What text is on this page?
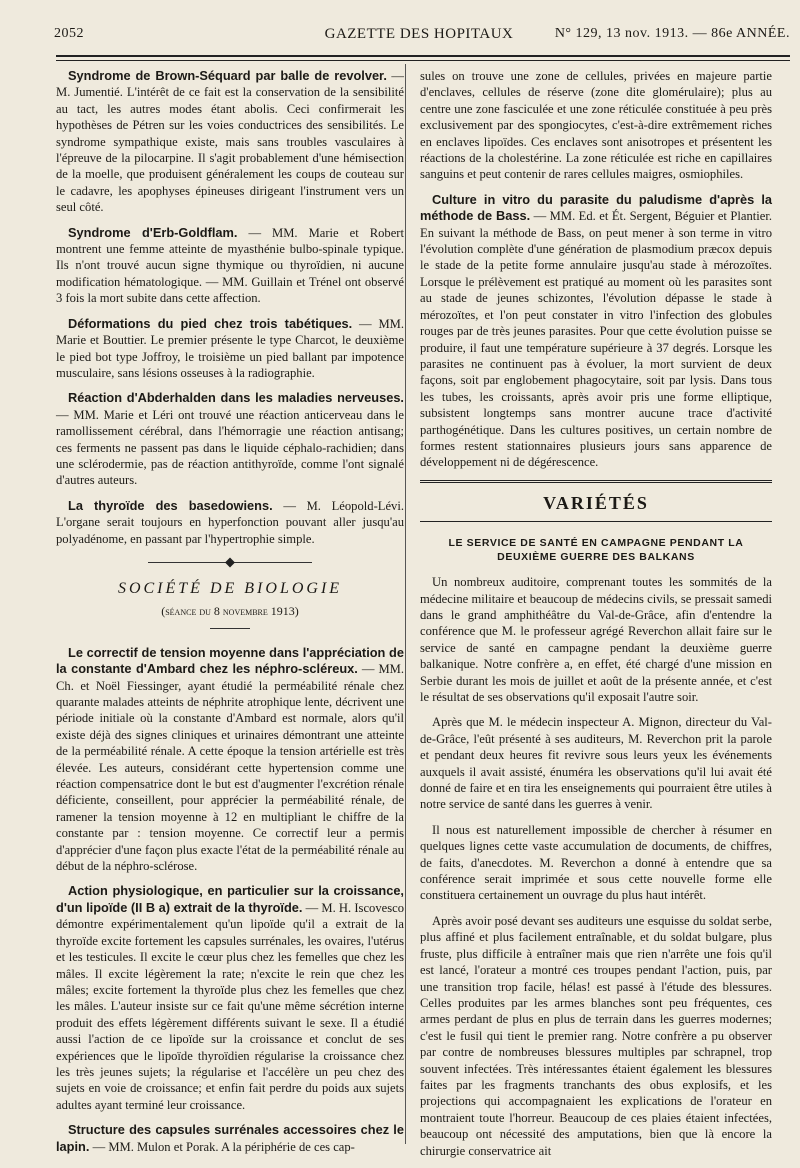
2052	GAZETTE DES HOPITAUX	N° 129, 13 nov. 1913. — 86e ANNÉE.

Syndrome de Brown-Séquard par balle de revolver. — M. Jumentié. L'intérêt de ce fait est la conservation de la sensibilité au tact, les autres modes étant abolis. Ceci confirmerait les hypothèses de Pétren sur les voies conductrices des sensibilités. Le syndrome sympathique existe, mais sans troubles vasculaires à l'épreuve de la pilocarpine. Il s'agit probablement d'une hémisection de la moelle, que produisent généralement les coups de couteau sur le cadavre, les apophyses épineuses dirigeant l'instrument vers un seul côté.

Syndrome d'Erb-Goldflam. — MM. Marie et Robert montrent une femme atteinte de myasthénie bulbo-spinale typique. Ils n'ont trouvé aucun signe thymique ou thyroïdien, ni aucune modification hématologique. — MM. Guillain et Trénel ont observé 3 fois la mort subite dans cette affection.

Déformations du pied chez trois tabétiques. — MM. Marie et Bouttier. Le premier présente le type Charcot, le deuxième le pied bot type Joffroy, le troisième un pied ballant par impotence musculaire, sans lésions osseuses à la radiographie.

Réaction d'Abderhalden dans les maladies nerveuses. — MM. Marie et Léri ont trouvé une réaction anticerveau dans le ramollissement cérébral, dans l'hémorragie une réaction antisang; ces ferments ne passent pas dans le liquide céphalo-rachidien; dans une sclérodermie, pas de réaction antithyroïde, comme l'ont signalé d'autres auteurs.

La thyroïde des basedowiens. — M. Léopold-Lévi. L'organe serait toujours en hyperfonction pouvant aller jusqu'au polyadénome, en passant par l'hypertrophie simple.

SOCIÉTÉ DE BIOLOGIE

(séance du 8 novembre 1913)

Le correctif de tension moyenne dans l'appréciation de la constante d'Ambard chez les néphro-scléreux. — MM. Ch. et Noël Fiessinger, ayant étudié la perméabilité rénale chez quarante malades atteints de néphrite atrophique lente, décrivent une période initiale où la constante d'Ambard est normale, alors qu'il existe déjà des signes cliniques et urinaires démontrant une atteinte de la perméabilité rénale. A cette époque la tension artérielle est très élevée. Les auteurs, considérant cette hypertension comme une réaction compensatrice dont le but est d'augmenter l'excrétion rénale déficiente, conseillent, pour apprécier la perméabilité rénale, de ramener la tension moyenne à 12 en multipliant le chiffre de la constante par : tension moyenne. Ce correctif leur a permis d'apprécier d'une façon plus exacte l'état de la perméabilité rénale au début de la néphro-sclérose.

Action physiologique, en particulier sur la croissance, d'un lipoïde (II B a) extrait de la thyroïde. — M. H. Iscovesco démontre expérimentalement qu'un lipoïde qu'il a extrait de la thyroïde excite fortement les capsules surrénales, les ovaires, l'utérus et les testicules. Il excite le cœur plus chez les femelles que chez les mâles. Il excite légèrement la rate; n'excite le rein que chez les mâles; excite fortement la thyroïde plus chez les femelles que chez les mâles. L'auteur insiste sur ce fait qu'une même sécrétion interne produit des effets légèrement différents suivant le sexe. Il a étudié aussi l'action de ce lipoïde sur la croissance et conclut de ses expériences que le lipoïde thyroïdien régularise la croissance chez les très jeunes sujets; la régularise et l'accélère un peu chez des sujets en voie de croissance; et enfin fait perdre du poids aux sujets adultes ayant terminé leur croissance.

Structure des capsules surrénales accessoires chez le lapin. — MM. Mulon et Porak. A la périphérie de ces cap-

sules on trouve une zone de cellules, privées en majeure partie d'enclaves, cellules de réserve (zone dite glomérulaire); plus au centre une zone fasciculée et une zone réticulée constituée à peu près exclusivement par des spongiocytes, c'est-à-dire extrêmement riches en enclaves lipoïdes. Ces enclaves sont anisotropes et présentent les réactions de la cholestérine. La zone réticulée est riche en capillaires sanguins et peut contenir de rares cellules maigres, osmiophiles.

Culture in vitro du parasite du paludisme d'après la méthode de Bass. — MM. Ed. et Ét. Sergent, Béguier et Plantier. En suivant la méthode de Bass, on peut mener à son terme in vitro l'évolution complète d'une génération de plasmodium præcox depuis le stade de la petite forme annulaire jusqu'au stade à mérozoïtes. Lorsque le prélèvement est pratiqué au moment où les parasites sont au stade de jeunes schizontes, l'évolution dépasse le stade à mérozoïtes, et l'on peut constater in vitro l'infection des globules rouges par de très jeunes parasites. Pour que cette évolution puisse se produire, il faut une température supérieure à 37 degrés. Lorsque les parasites ne continuent pas à évoluer, la mort survient de deux façons, soit par englobement phagocytaire, soit par lysis. Dans tous les tubes, les croissants, après avoir pris une forme elliptique, subsistent longtemps sans montrer aucune trace d'activité parthogénétique. Dans les cultures positives, un certain nombre de formes restent stationnaires plusieurs jours sans apparence de développement ni de dégérescence.

VARIÉTÉS

LE SERVICE DE SANTÉ EN CAMPAGNE PENDANT LA DEUXIÈME GUERRE DES BALKANS

Un nombreux auditoire, comprenant toutes les sommités de la médecine militaire et beaucoup de médecins civils, se pressait samedi dans le grand amphithéâtre du Val-de-Grâce, afin d'entendre la conférence que M. le professeur agrégé Reverchon allait faire sur le service de santé en campagne pendant la deuxième guerre balkanique. Notre confrère a, en effet, été chargé d'une mission en Serbie durant les mois de juillet et août de la présente année, et c'est le résultat de ses observations qu'il exposait l'autre soir.

Après que M. le médecin inspecteur A. Mignon, directeur du Val-de-Grâce, l'eût présenté à ses auditeurs, M. Reverchon prit la parole et pendant deux heures fit revivre sous leurs yeux les événements auxquels il avait assisté, énuméra les observations qu'il lui avait été donné de faire et en tira les enseignements qui pourraient être utiles à notre service de santé dans les guerres à venir.

Il nous est naturellement impossible de chercher à résumer en quelques lignes cette vaste accumulation de documents, de chiffres, de faits, d'anecdotes. M. Reverchon a donné à entendre que sa conférence serait imprimée et sous cette nouvelle forme elle constituera certainement un ouvrage du plus haut intérêt.

Après avoir posé devant ses auditeurs une esquisse du soldat serbe, plus affiné et plus facilement entraînable, et du soldat bulgare, plus fruste, plus difficile à entraîner mais que rien n'arrête une fois qu'il est lancé, l'orateur a montré ces troupes pendant l'action, puis, par une transition trop facile, hélas! est passé à l'étude des blessures. Celles produites par les armes blanches sont peu fréquentes, ces armes perdant de plus en plus de terrain dans les guerres modernes; c'est le fusil qui tient le premier rang. Notre confrère a pu observer par contre de nombreuses blessures multiples par schrapnel, trop souvent infectées. Très intéressantes étaient également les blessures faites par les fragments tranchants des obus explosifs, et les projections qui accompagnaient les explications de l'orateur en montraient toute l'horreur. Beaucoup de ces plaies étaient infectées, beaucoup ont nécessité des amputations, bien que là encore la chirurgie conservatrice ait
